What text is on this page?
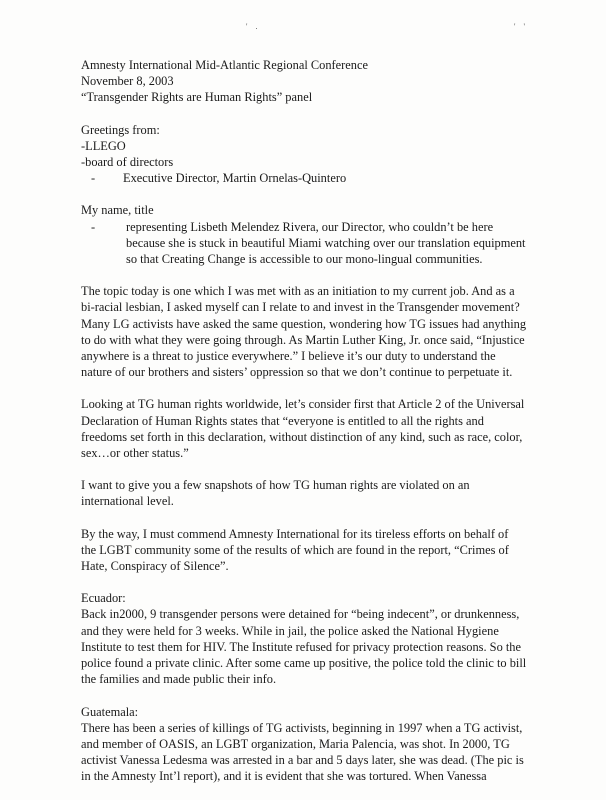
' .	' '
Amnesty International Mid-Atlantic Regional Conference
November 8, 2003
“Transgender Rights are Human Rights” panel
Greetings from:
-LLEGO
-board of directors
- Executive Director, Martin Ornelas-Quintero
My name, title
- representing Lisbeth Melendez Rivera, our Director, who couldn’t be here
because she is stuck in beautiful Miami watching over our translation equipment
so that Creating Change is accessible to our mono-lingual communities.
The topic today is one which I was met with as an initiation to my current job. And as a
bi-racial lesbian, I asked myself can I relate to and invest in the Transgender movement?
Many LG activists have asked the same question, wondering how TG issues had anything
to do with what they were going through. As Martin Luther King, Jr. once said, “Injustice
anywhere is a threat to justice everywhere.” I believe it’s our duty to understand the
nature of our brothers and sisters’ oppression so that we don’t continue to perpetuate it.
Looking at TG human rights worldwide, let’s consider first that Article 2 of the Universal
Declaration of Human Rights states that “everyone is entitled to all the rights and
freedoms set forth in this declaration, without distinction of any kind, such as race, color,
sex…or other status.”
I want to give you a few snapshots of how TG human rights are violated on an
international level.
By the way, I must commend Amnesty International for its tireless efforts on behalf of
the LGBT community some of the results of which are found in the report, “Crimes of
Hate, Conspiracy of Silence”.
Ecuador:
Back in2000, 9 transgender persons were detained for “being indecent”, or drunkenness,
and they were held for 3 weeks. While in jail, the police asked the National Hygiene
Institute to test them for HIV. The Institute refused for privacy protection reasons. So the
police found a private clinic. After some came up positive, the police told the clinic to bill
the families and made public their info.
Guatemala:
There has been a series of killings of TG activists, beginning in 1997 when a TG activist,
and member of OASIS, an LGBT organization, Maria Palencia, was shot. In 2000, TG
activist Vanessa Ledesma was arrested in a bar and 5 days later, she was dead. (The pic is
in the Amnesty Int’l report), and it is evident that she was tortured. When Vanessa
